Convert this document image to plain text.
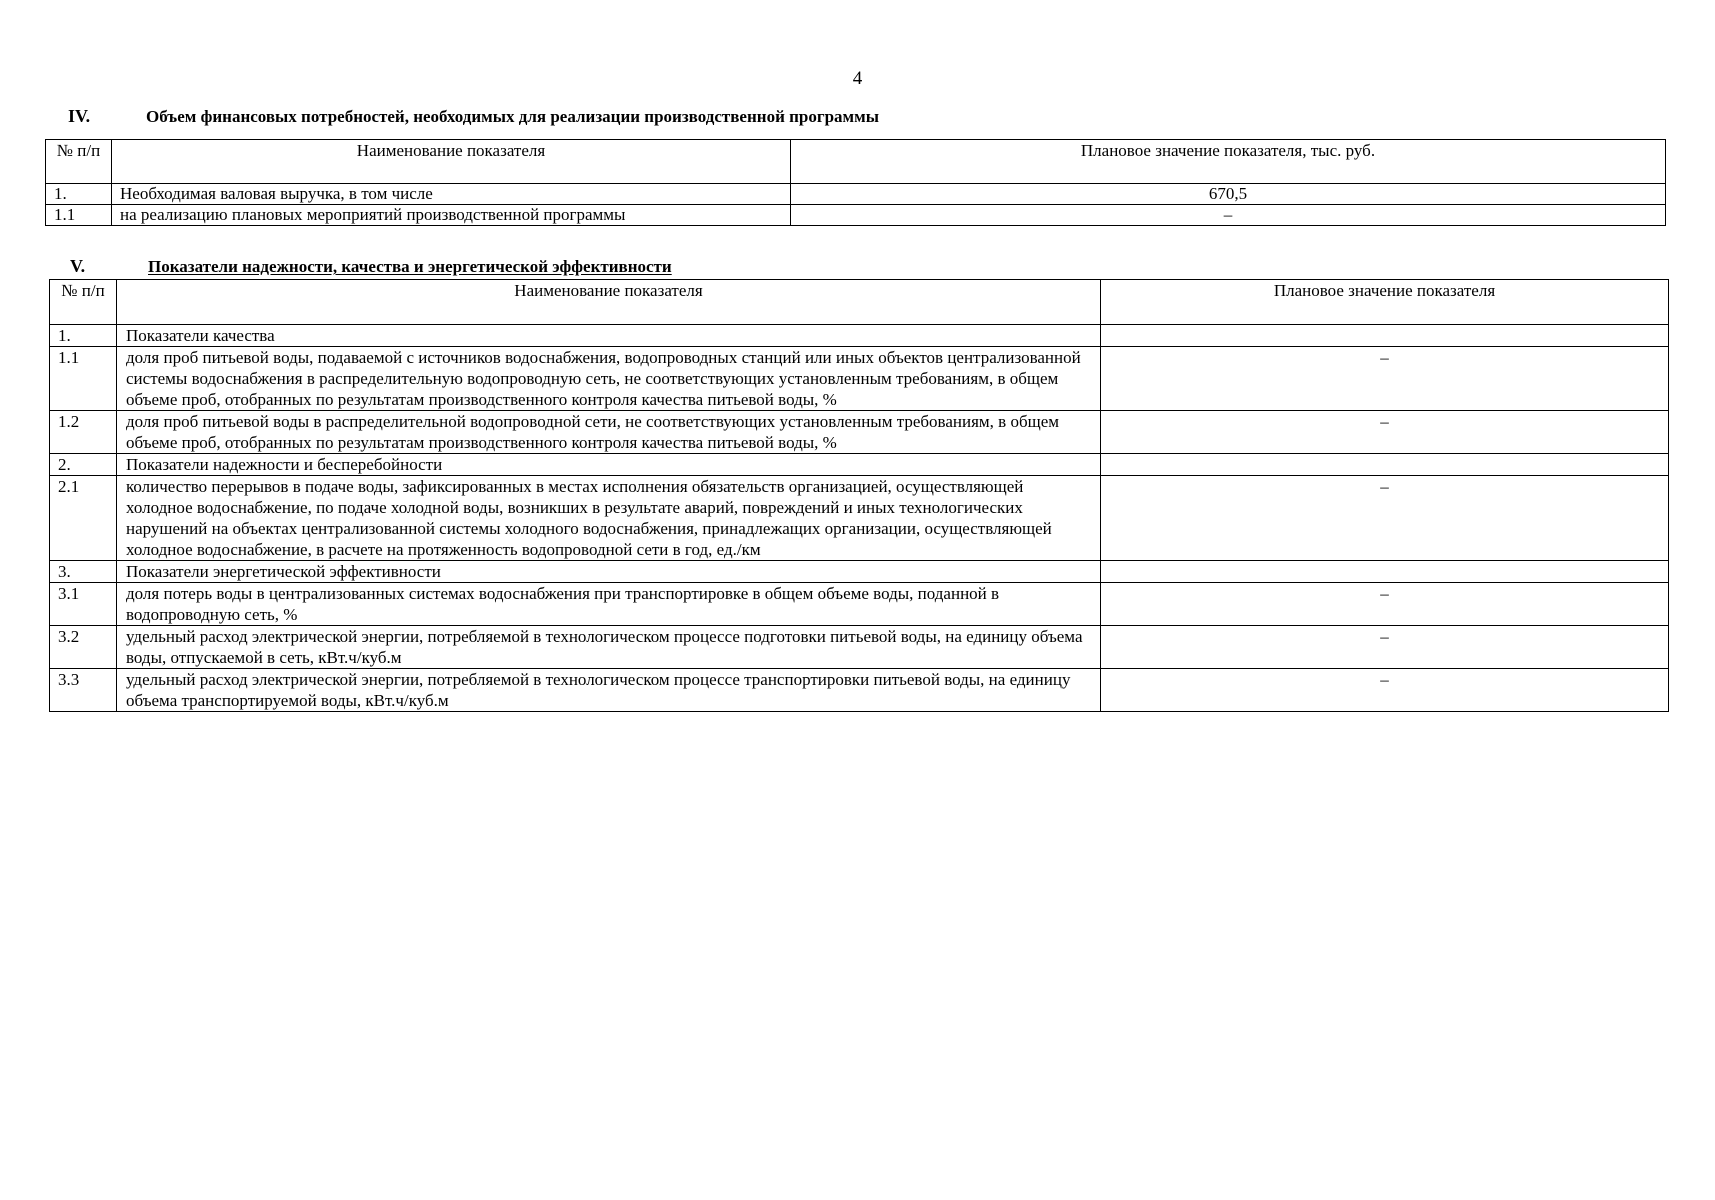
4
IV.	Объем финансовых потребностей, необходимых для реализации производственной программы
№ п/п	Наименование показателя	Плановое значение показателя, тыс. руб.
1.	Необходимая валовая выручка, в том числе	670,5
1.1	на реализацию плановых мероприятий производственной программы	–
V.	Показатели надежности, качества и энергетической эффективности
№ п/п	Наименование показателя	Плановое значение показателя
1.	Показатели качества	
1.1	доля проб питьевой воды, подаваемой с источников водоснабжения, водопроводных станций или иных объектов централизованной системы водоснабжения в распределительную водопроводную сеть, не соответствующих установленным требованиям, в общем объеме проб, отобранных по результатам производственного контроля качества питьевой воды, %	–
1.2	доля проб питьевой воды в распределительной водопроводной сети, не соответствующих установленным требованиям, в общем объеме проб, отобранных по результатам производственного контроля качества питьевой воды, %	–
2.	Показатели надежности и бесперебойности	
2.1	количество перерывов в подаче воды, зафиксированных в местах исполнения обязательств организацией, осуществляющей холодное водоснабжение, по подаче холодной воды, возникших в результате аварий, повреждений и иных технологических нарушений на объектах централизованной системы холодного водоснабжения, принадлежащих организации, осуществляющей холодное водоснабжение, в расчете на протяженность водопроводной сети в год, ед./км	–
3.	Показатели энергетической эффективности	
3.1	доля потерь воды в централизованных системах водоснабжения при транспортировке в общем объеме воды, поданной в водопроводную сеть, %	–
3.2	удельный расход электрической энергии, потребляемой в технологическом процессе подготовки питьевой воды, на единицу объема воды, отпускаемой в сеть, кВт.ч/куб.м	–
3.3	удельный расход электрической энергии, потребляемой в технологическом процессе транспортировки питьевой воды, на единицу объема транспортируемой воды, кВт.ч/куб.м	–
